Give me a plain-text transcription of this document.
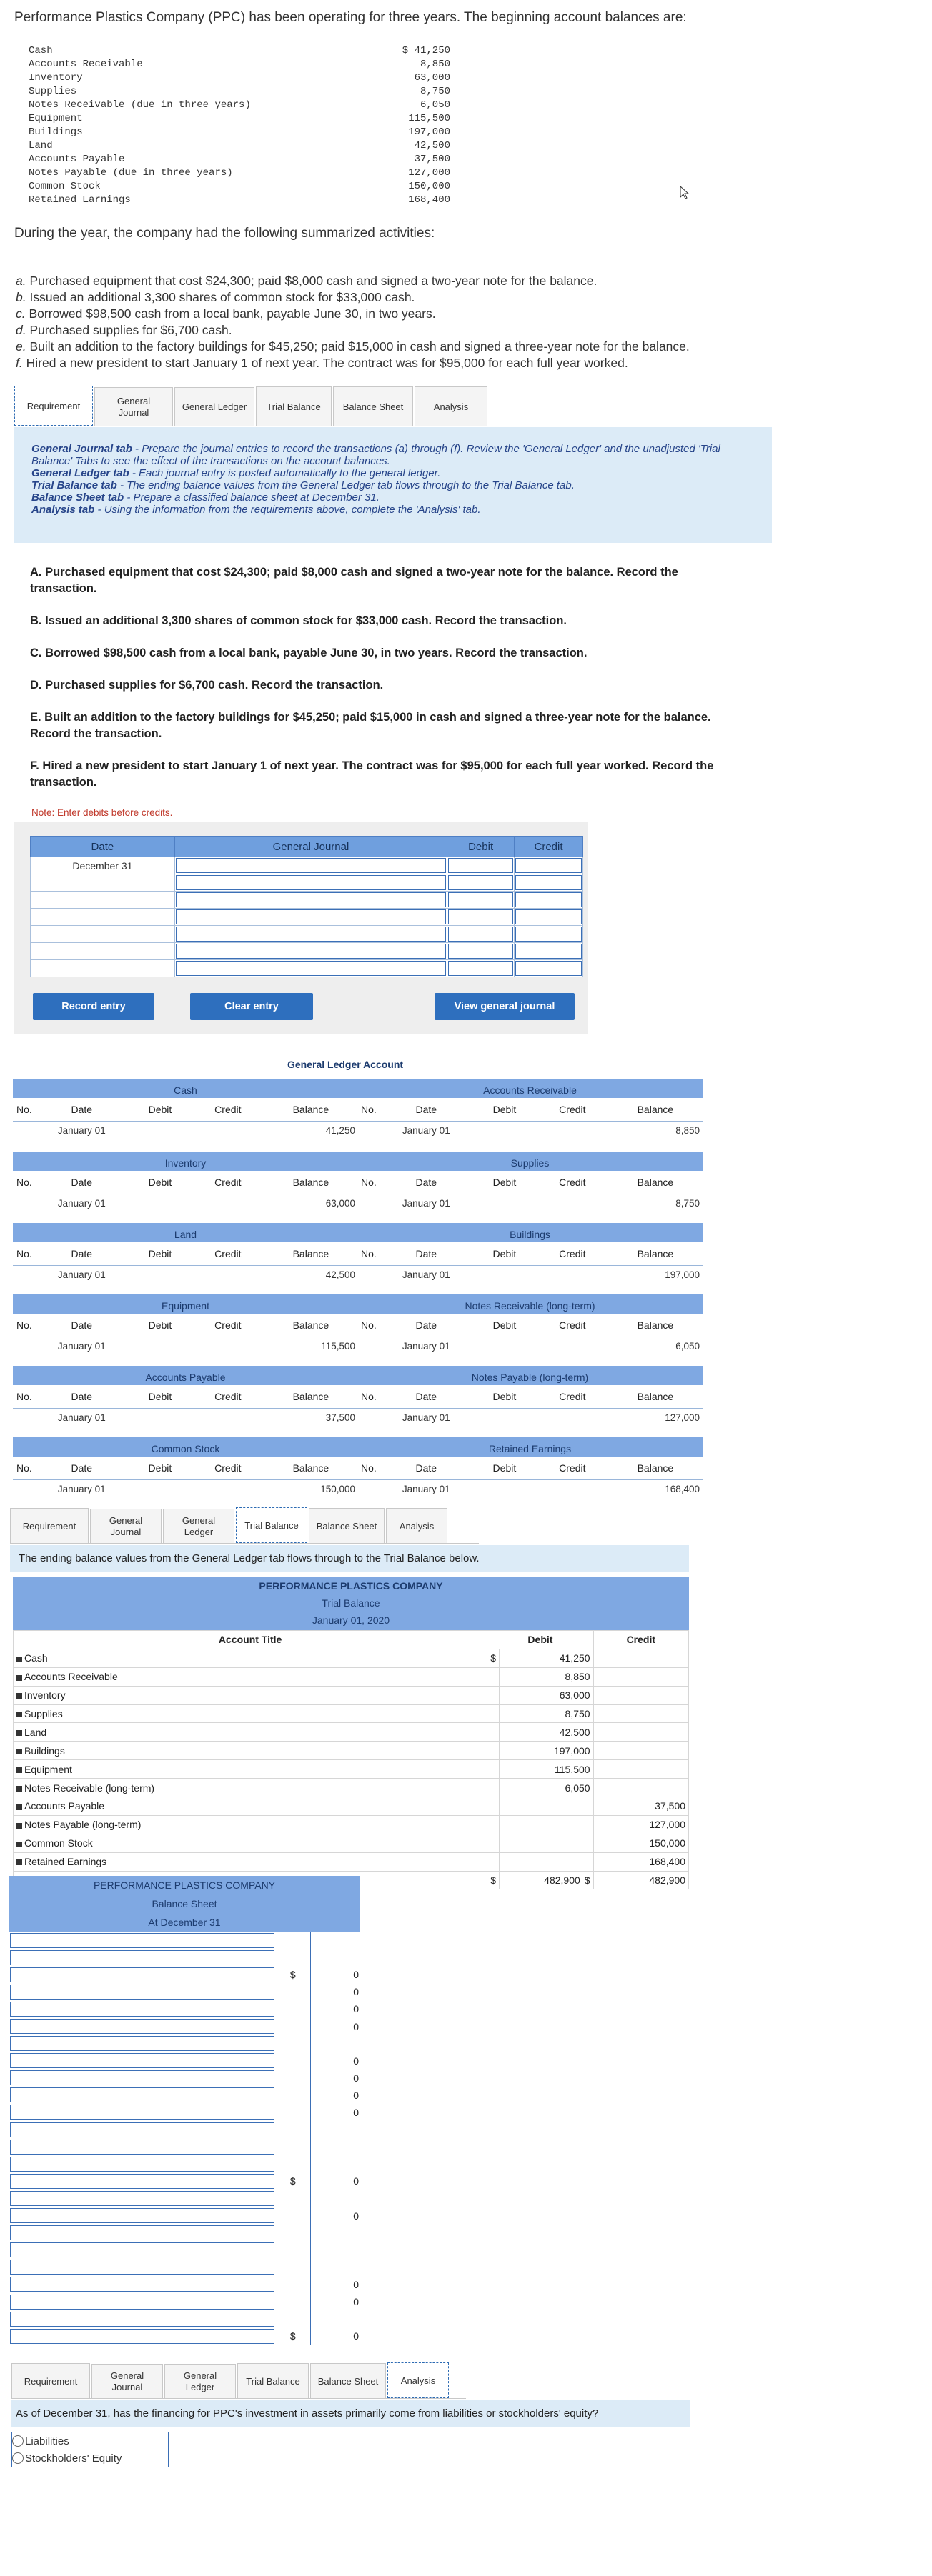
Performance Plastics Company (PPC) has been operating for three years. The beginning account balances are:
Cash	$ 41,250
Accounts Receivable	8,850
Inventory	63,000
Supplies	8,750
Notes Receivable (due in three years)	6,050
Equipment	115,500
Buildings	197,000
Land	42,500
Accounts Payable	37,500
Notes Payable (due in three years)	127,000
Common Stock	150,000
Retained Earnings	168,400
During the year, the company had the following summarized activities:
a. Purchased equipment that cost $24,300; paid $8,000 cash and signed a two-year note for the balance.
b. Issued an additional 3,300 shares of common stock for $33,000 cash.
c. Borrowed $98,500 cash from a local bank, payable June 30, in two years.
d. Purchased supplies for $6,700 cash.
e. Built an addition to the factory buildings for $45,250; paid $15,000 in cash and signed a three-year note for the balance.
f. Hired a new president to start January 1 of next year. The contract was for $95,000 for each full year worked.
Requirement	General Journal
General Ledger	Trial Balance	Balance Sheet	Analysis
General Journal tab - Prepare the journal entries to record the transactions (a) through (f). Review the 'General Ledger' and the unadjusted 'Trial Balance' Tabs to see the effect of the transactions on the account balances.
General Ledger tab - Each journal entry is posted automatically to the general ledger.
Trial Balance tab - The ending balance values from the General Ledger tab flows through to the Trial Balance tab.
Balance Sheet tab - Prepare a classified balance sheet at December 31.
Analysis tab - Using the information from the requirements above, complete the 'Analysis' tab.
A. Purchased equipment that cost $24,300; paid $8,000 cash and signed a two-year note for the balance. Record the transaction.
B. Issued an additional 3,300 shares of common stock for $33,000 cash. Record the transaction.
C. Borrowed $98,500 cash from a local bank, payable June 30, in two years. Record the transaction.
D. Purchased supplies for $6,700 cash. Record the transaction.
E. Built an addition to the factory buildings for $45,250; paid $15,000 in cash and signed a three-year note for the balance. Record the transaction.
F. Hired a new president to start January 1 of next year. The contract was for $95,000 for each full year worked. Record the transaction.
Note: Enter debits before credits.
Date	General Journal	Debit	Credit
December 31	

Record entry	Clear entry	View general journal
General Ledger Account
Cash
No.	Date	Debit	Credit	Balance
	January 01			41,250
Accounts Receivable
No.	Date	Debit	Credit	Balance
	January 01			8,850
Inventory
No.	Date	Debit	Credit	Balance
	January 01			63,000
Supplies
No.	Date	Debit	Credit	Balance
	January 01			8,750
Land
No.	Date	Debit	Credit	Balance
	January 01			42,500
Buildings
No.	Date	Debit	Credit	Balance
	January 01			197,000
Equipment
No.	Date	Debit	Credit	Balance
	January 01			115,500
Notes Receivable (long-term)
No.	Date	Debit	Credit	Balance
	January 01			6,050
Accounts Payable
No.	Date	Debit	Credit	Balance
	January 01			37,500
Notes Payable (long-term)
No.	Date	Debit	Credit	Balance
	January 01			127,000
Common Stock
No.	Date	Debit	Credit	Balance
	January 01			150,000
Retained Earnings
No.	Date	Debit	Credit	Balance
	January 01			168,400
Requirement
General Journal
General Ledger
Trial Balance	Balance Sheet	Analysis
The ending balance values from the General Ledger tab flows through to the Trial Balance below.
PERFORMANCE PLASTICS COMPANY
Trial Balance
January 01, 2020
Account Title	Debit		Credit
Cash	$	41,250	
Accounts Receivable		8,850	
Inventory		63,000	
Supplies		8,750	
Land		42,500	
Buildings		197,000	
Equipment		115,500	
Notes Receivable (long-term)		6,050	
Accounts Payable			37,500
Notes Payable (long-term)			127,000
Common Stock			150,000
Retained Earnings			168,400
	$	482,900 $	482,900
PERFORMANCE PLASTICS COMPANY
Balance Sheet
At December 31

	$	0

		0

		0

		0

		0

		0

		0

		0

	$	0

		0

		0

		0

	$	0
Requirement
General Journal
General Ledger
Trial Balance	Balance Sheet	Analysis
As of December 31, has the financing for PPC's investment in assets primarily come from liabilities or stockholders' equity?
Liabilities
Stockholders' Equity
